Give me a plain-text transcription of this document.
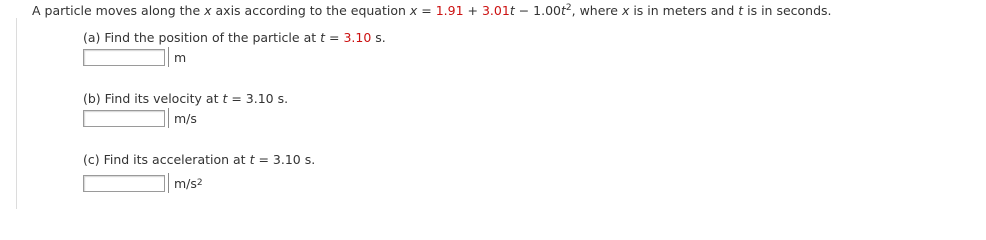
A particle moves along the x axis according to the equation $x = 1.91 + 3.01t - 1.00t^2$, where x is in meters and t is in seconds.
(a) Find the position of the particle at t = 3.10 s.
m
(b) Find its velocity at t = 3.10 s.
m/s
(c) Find its acceleration at t = 3.10 s.
m/s 2
